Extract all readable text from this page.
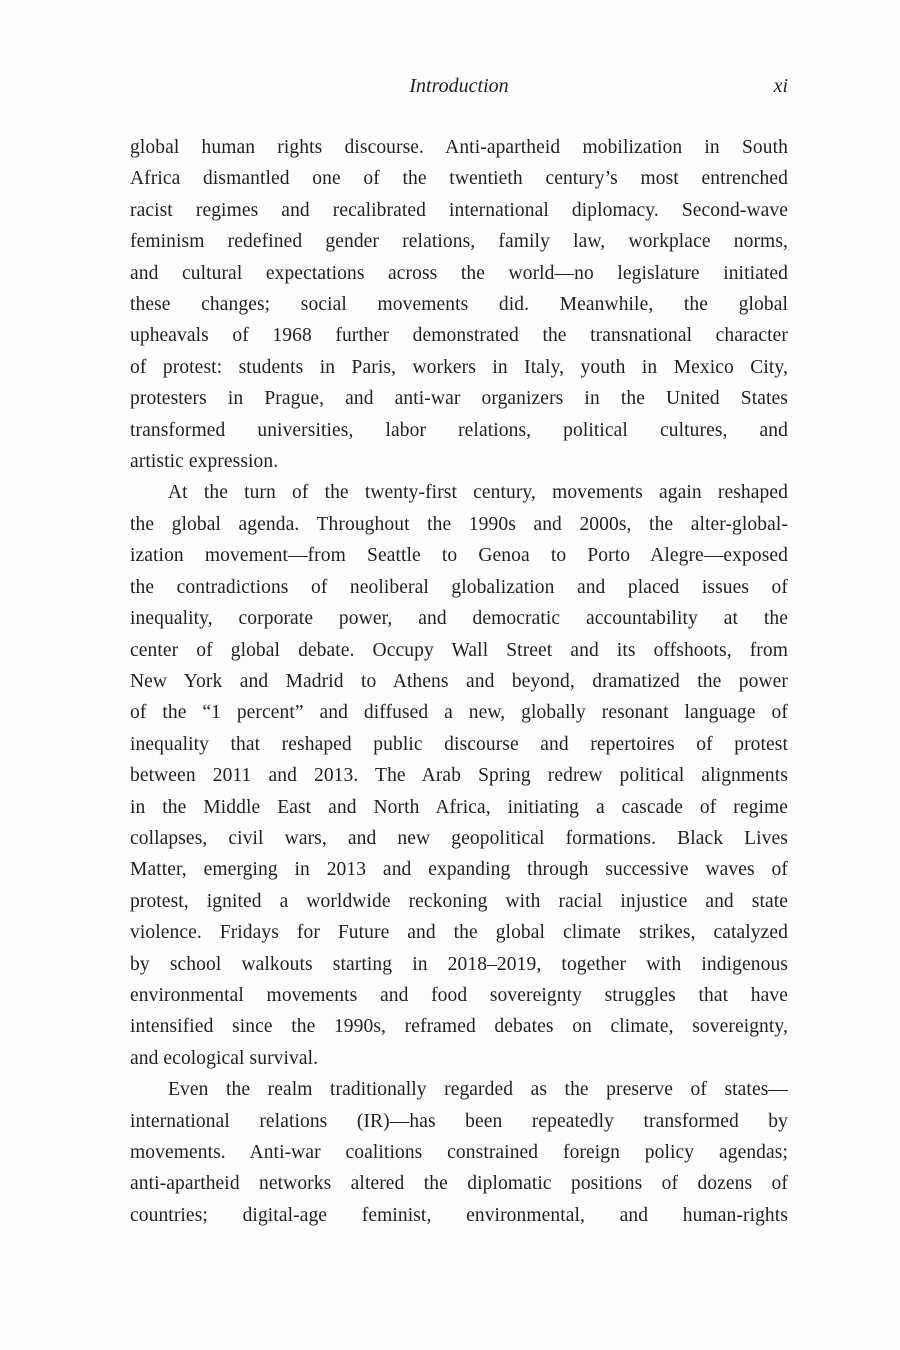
Introduction	xi
global human rights discourse. Anti-apartheid mobilization in South
Africa dismantled one of the twentieth century’s most entrenched
racist regimes and recalibrated international diplomacy. Second-wave
feminism redefined gender relations, family law, workplace norms,
and cultural expectations across the world—no legislature initiated
these changes; social movements did. Meanwhile, the global
upheavals of 1968 further demonstrated the transnational character
of protest: students in Paris, workers in Italy, youth in Mexico City,
protesters in Prague, and anti-war organizers in the United States
transformed universities, labor relations, political cultures, and
artistic expression.
At the turn of the twenty-first century, movements again reshaped
the global agenda. Throughout the 1990s and 2000s, the alter-global-
ization movement—from Seattle to Genoa to Porto Alegre—exposed
the contradictions of neoliberal globalization and placed issues of
inequality, corporate power, and democratic accountability at the
center of global debate. Occupy Wall Street and its offshoots, from
New York and Madrid to Athens and beyond, dramatized the power
of the “1 percent” and diffused a new, globally resonant language of
inequality that reshaped public discourse and repertoires of protest
between 2011 and 2013. The Arab Spring redrew political alignments
in the Middle East and North Africa, initiating a cascade of regime
collapses, civil wars, and new geopolitical formations. Black Lives
Matter, emerging in 2013 and expanding through successive waves of
protest, ignited a worldwide reckoning with racial injustice and state
violence. Fridays for Future and the global climate strikes, catalyzed
by school walkouts starting in 2018–2019, together with indigenous
environmental movements and food sovereignty struggles that have
intensified since the 1990s, reframed debates on climate, sovereignty,
and ecological survival.
Even the realm traditionally regarded as the preserve of states—
international relations (IR)—has been repeatedly transformed by
movements. Anti-war coalitions constrained foreign policy agendas;
anti-apartheid networks altered the diplomatic positions of dozens of
countries; digital-age feminist, environmental, and human-rights
